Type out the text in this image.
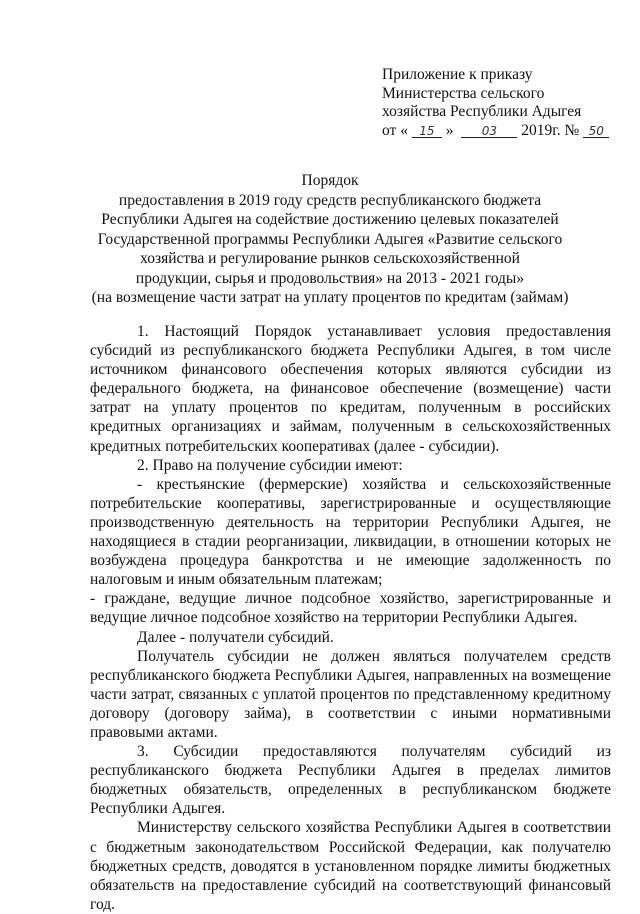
Приложение к приказу
Министерства сельского
хозяйства Республики Адыгея
от « 15 » 03 2019г. № 50
Порядок
предоставления в 2019 году средств республиканского бюджета
Республики Адыгея на содействие достижению целевых показателей
Государственной программы Республики Адыгея «Развитие сельского
хозяйства и регулирование рынков сельскохозяйственной
продукции, сырья и продовольствия» на 2013 - 2021 годы»
(на возмещение части затрат на уплату процентов по кредитам (займам)

1. Настоящий Порядок устанавливает условия предоставления субсидий из республиканского бюджета Республики Адыгея, в том числе источником финансового обеспечения которых являются субсидии из федерального бюджета, на финансовое обеспечение (возмещение) части затрат на уплату процентов по кредитам, полученным в российских кредитных организациях и займам, полученным в сельскохозяйственных кредитных потребительских кооперативах (далее - субсидии).

2. Право на получение субсидии имеют:

- крестьянские (фермерские) хозяйства и сельскохозяйственные потребительские кооперативы, зарегистрированные и осуществляющие производственную деятельность на территории Республики Адыгея, не находящиеся в стадии реорганизации, ликвидации, в отношении которых не возбуждена процедура банкротства и не имеющие задолженность по налоговым и иным обязательным платежам;

- граждане, ведущие личное подсобное хозяйство, зарегистрированные и ведущие личное подсобное хозяйство на территории Республики Адыгея.

Далее - получатели субсидий.

Получатель субсидии не должен являться получателем средств республиканского бюджета Республики Адыгея, направленных на возмещение части затрат, связанных с уплатой процентов по представленному кредитному договору (договору займа), в соответствии с иными нормативными правовыми актами.

3. Субсидии предоставляются получателям субсидий из республиканского бюджета Республики Адыгея в пределах лимитов бюджетных обязательств, определенных в республиканском бюджете Республики Адыгея.

Министерству сельского хозяйства Республики Адыгея в соответствии с бюджетным законодательством Российской Федерации, как получателю бюджетных средств, доводятся в установленном порядке лимиты бюджетных обязательств на предоставление субсидий на соответствующий финансовый год.
